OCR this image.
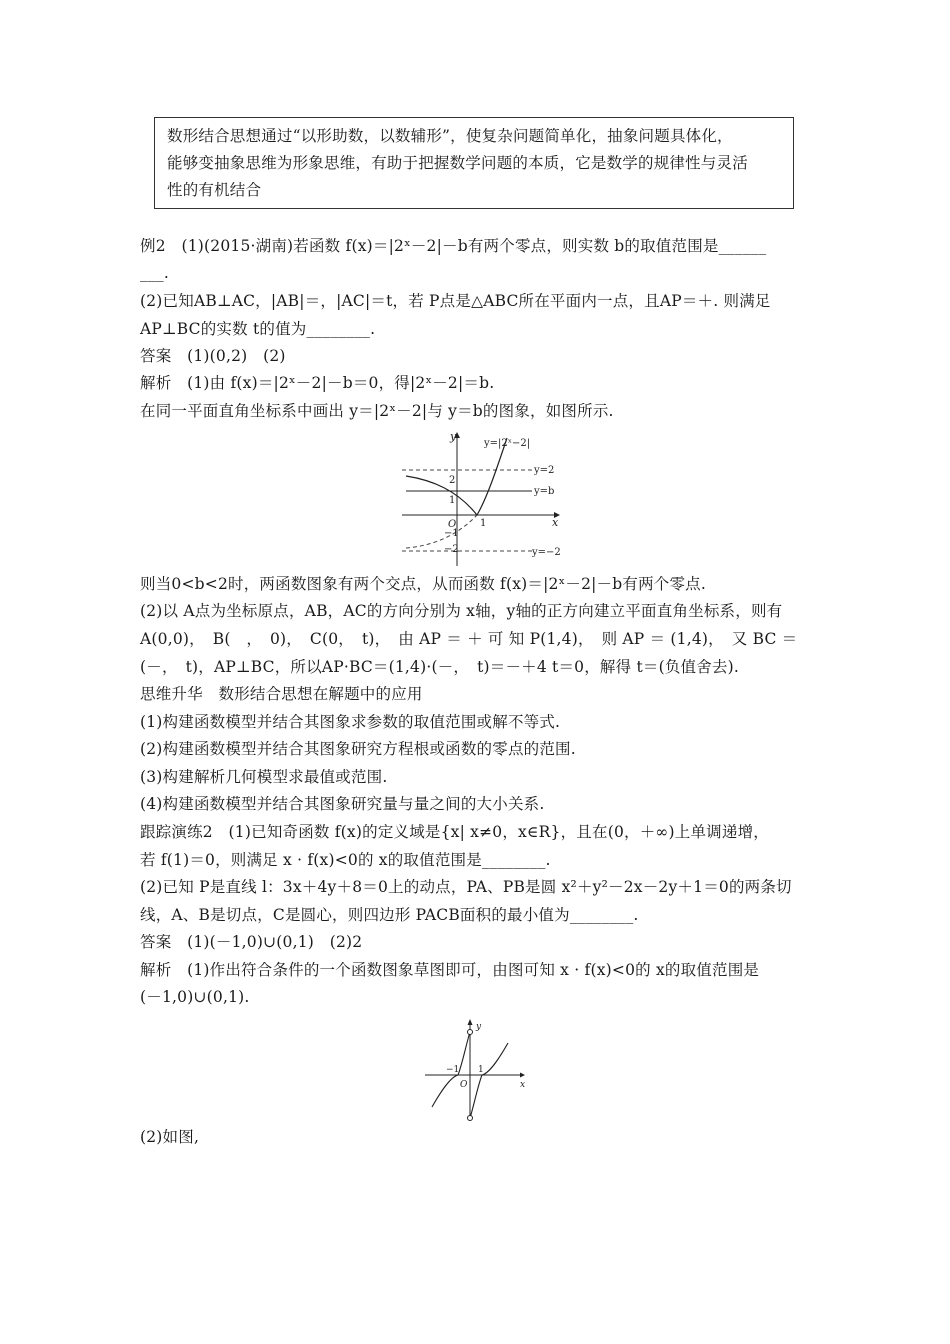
数形结合思想通过“以形助数，以数辅形”，使复杂问题简单化，抽象问题具体化，
能够变抽象思维为形象思维，有助于把握数学问题的本质，它是数学的规律性与灵活
性的有机结合
例2　(1)(2015·湖南)若函数 f(x)＝|2ˣ－2|－b有两个零点，则实数 b的取值范围是______
___.
(2)已知AB⊥AC，|AB|＝，|AC|＝t，若 P点是△ABC所在平面内一点，且AP＝＋. 则满足
AP⊥BC的实数 t的值为________.
答案　(1)(0,2)　(2)
解析　(1)由 f(x)＝|2ˣ－2|－b＝0，得|2ˣ－2|＝b.
在同一平面直角坐标系中画出 y＝|2ˣ－2|与 y＝b的图象，如图所示.
y
x
y=|2ˣ−2|
y=2
y=b
y=−2
O
2
1
−1
−2
1
则当0<b<2时，两函数图象有两个交点，从而函数 f(x)＝|2ˣ－2|－b有两个零点.
(2)以 A点为坐标原点，AB，AC的方向分别为 x轴，y轴的正方向建立平面直角坐标系，则有
A(0,0)，　B(　，　0)，　C(0，　t)，　由 AP ＝ ＋ 可 知 P(1,4)，　则 AP ＝ (1,4)，　又 BC ＝
(－，　t)，AP⊥BC，所以AP·BC＝(1,4)·(－，　t)＝－＋4 t＝0，解得 t＝(负值舍去).
思维升华　数形结合思想在解题中的应用
(1)构建函数模型并结合其图象求参数的取值范围或解不等式.
(2)构建函数模型并结合其图象研究方程根或函数的零点的范围.
(3)构建解析几何模型求最值或范围.
(4)构建函数模型并结合其图象研究量与量之间的大小关系.
跟踪演练2　(1)已知奇函数 f(x)的定义域是{x| x≠0，x∈R}，且在(0，＋∞)上单调递增，
若 f(1)＝0，则满足 x · f(x)<0的 x的取值范围是________.
(2)已知 P是直线 l：3x＋4y＋8＝0上的动点，PA、PB是圆 x²＋y²－2x－2y＋1＝0的两条切
线，A、B是切点，C是圆心，则四边形 PACB面积的最小值为________.
答案　(1)(－1,0)∪(0,1)　(2)2
解析　(1)作出符合条件的一个函数图象草图即可，由图可知 x · f(x)<0的 x的取值范围是
(－1,0)∪(0,1).
y
x
O
−1 1
(2)如图,
